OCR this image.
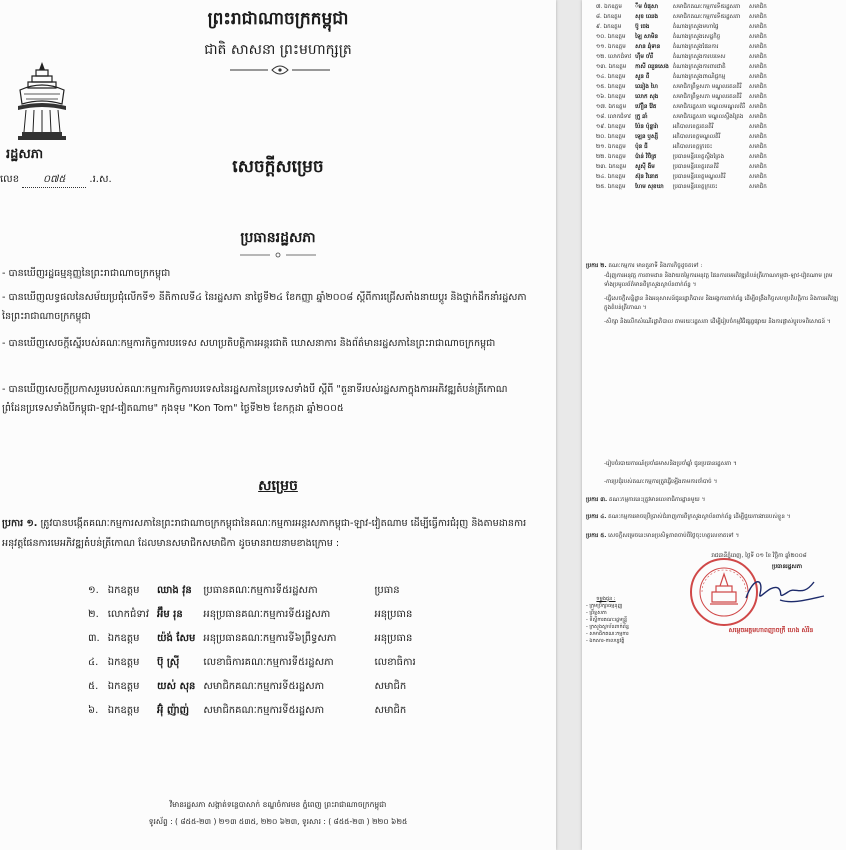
ព្រះរាជាណាចក្រកម្ពុជា
ជាតិ សាសនា ព្រះមហាក្សត្រ
រដ្ឋសភា
លេខ ០៧៥ .រ.ស.
សេចក្តីសម្រេច
ប្រធានរដ្ឋសភា
- បានឃើញរដ្ឋធម្មនុញ្ញនៃព្រះរាជាណាចក្រកម្ពុជា
- បានឃើញលទ្ធផលនៃសម័យប្រជុំលើកទី១ នីតិកាលទី៤ នៃរដ្ឋសភា នាថ្ងៃទី២៤ ខែកញ្ញា ឆ្នាំ២០០៨ ស្តីពីការជ្រើសតាំងនាយប្តូរ និងថ្នាក់ដឹកនាំរដ្ឋសភានៃព្រះរាជាណាចក្រកម្ពុជា
- បានឃើញសេចក្តីស្នើរបស់គណៈកម្មការកិច្ចការបរទេស សហប្រតិបត្តិការអន្តរជាតិ ឃោសនាការ និងព័ត៌មានរដ្ឋសភានៃព្រះរាជាណាចក្រកម្ពុជា
- បានឃើញសេចក្តីប្រកាសរួមរបស់គណៈកម្មការកិច្ចការបរទេសនៃរដ្ឋសភានៃប្រទេសទាំងបី ស្តីពី "តួនាទីរបស់រដ្ឋសភាក្នុងការអភិវឌ្ឍតំបន់ត្រីកោណព្រំដែនប្រទេសទាំងបីកម្ពុជា-ឡាវ-វៀតណាម" កុងទុម "Kon Tom" ថ្ងៃទី២២ ខែកក្កដា ឆ្នាំ២០០៥
សម្រេច
ប្រការ ១. ត្រូវបានបង្កើតគណៈកម្មការសភានៃព្រះរាជាណាចក្រកម្ពុជានៃគណៈកម្មការអន្តរសភាកម្ពុជា-ឡាវ-វៀតណាម ដើម្បីធ្វើការជំរុញ និងតាមដានការអនុវត្តផែនការមេអភិវឌ្ឍតំបន់ត្រីកោណ ដែលមានសមាជិកសមាជិកា ដូចមានរាយនាមខាងក្រោម :
១.	ឯកឧត្តម	ឈាង វុន	ប្រធានគណៈកម្មការទី៥រដ្ឋសភា	ប្រធាន
២.	លោកជំទាវ	អ៊ឹម រុន	អនុប្រធានគណៈកម្មការទី៥រដ្ឋសភា	អនុប្រធាន
៣.	ឯកឧត្តម	យ៉ង់ សែម	អនុប្រធានគណៈកម្មការទី៦ព្រឹទ្ធសភា	អនុប្រធាន
៤.	ឯកឧត្តម	ប៊ុ ស្រ៊ី	លេខាធិការគណៈកម្មការទី៥រដ្ឋសភា	លេខាធិការ
៥.	ឯកឧត្តម	យស់ សុន	សមាជិកគណៈកម្មការទី៥រដ្ឋសភា	សមាជិក
៦.	ឯកឧត្តម	អ៊ុំ ញ៉ាញ់	សមាជិកគណៈកម្មការទី៥រដ្ឋសភា	សមាជិក
វិមានរដ្ឋសភា សង្កាត់ទន្លេបាសាក់ ខណ្ឌចំការមន ភ្នំពេញ ព្រះរាជាណាចក្រកម្ពុជា
ទូរស័ព្ទ : ( ៨៥៥-២៣ ) ២១៣ ៥៣៥, ២២០ ៦២៣, ទូរសារ : ( ៨៥៥-២៣ ) ២២០ ៦២៥
៧. ឯកឧត្តម	ឹម ចំផុសា	សមាជិកគណៈកម្មការទី៥រដ្ឋសភា	សមាជិក
៨. ឯកឧត្តម	សុខ ឈេង	សមាជិកគណៈកម្មការទី៥រដ្ឋសភា	សមាជិក
៩. ឯកឧត្តម	ប៊ូ ចេង	តំណាងក្រសួងមហាផ្ទៃ	សមាជិក
១០. ឯកឧត្តម	ឡៃ សាមិន	តំណាងក្រសួងសេដ្ឋកិច្ច	សមាជិក
១១. ឯកឧត្តម	សាន ឆុំទាន	តំណាងក្រសួងផែនការ	សមាជិក
១២. លោកជំទាវ	ហ៊ឹម ចាំរី	តំណាងក្រសួងការបរទេស	សមាជិក
១៣. ឯកឧត្តម	កាសី ឈួនសេង	តំណាងក្រសួងការពារជាតិ	សមាជិក
១៤. ឯកឧត្តម	សួន ពី	តំណាងក្រសួងពាណិជ្ជកម្ម	សមាជិក
១៥. ឯកឧត្តម	ឈៀង ហៃ	សមាជិកព្រឹទ្ធសភា មណ្ឌលរតនគិរី	សមាជិក
១៦. ឯកឧត្តម	លោក សុង	សមាជិកព្រឹទ្ធសភា មណ្ឌលរតនគិរី	សមាជិក
១៧. ឯកឧត្តម	ហ៊ឿន វ៉ែត	សមាជិករដ្ឋសភា មណ្ឌលមណ្ឌលគិរី	សមាជិក
១៨. លោកជំទាវ	ក្រូ ឆាំ	សមាជិករដ្ឋសភា មណ្ឌលស្ទឹងត្រែង	សមាជិក
១៩. ឯកឧត្តម	ប៉ែន ប៉ុន្នារ៉ា	អភិបាលខេត្តរតនគិរី	សមាជិក
២០. ឯកឧត្តម	ឡេន ឫស្សី	អភិបាលខេត្តមណ្ឌលគិរី	សមាជិក
២១. ឯកឧត្តម	ប៉ុន ធី	អភិបាលខេត្តក្រចេះ	សមាជិក
២២. ឯកឧត្តម	ប៉ាន់ វិចិត្រ	ប្រធានមន្ទីរខេត្តស្ទឹងត្រែង	សមាជិក
២៣. ឯកឧត្តម	សួស៊ី ងីម	ប្រធានមន្ទីរខេត្តរតនគិរី	សមាជិក
២៤. ឯកឧត្តម	ស៊ុន វិនោត	ប្រធានមន្ទីរខេត្តមណ្ឌលគិរី	សមាជិក
២៥. ឯកឧត្តម	ហែម សុខឃា	ប្រធានមន្ទីរខេត្តក្រចេះ	សមាជិក
ប្រការ ២. គណៈកម្មការ មានតួនាទី និងភារកិច្ចដូចតទៅ :
-ជំរុញការអនុវត្ត ការតាមដាន និងវាយតម្លៃការអនុវត្ត ផែនការមេអភិវឌ្ឍតំបន់ត្រីកោណកម្ពុជា-ឡាវ-វៀតណាម ព្រមទាំងប្រមូលព័ត៌មានពីក្រសួងស្ថាប័នពាក់ព័ន្ធ ។
-ធ្វើសេចក្តីសន្និដ្ឋាន និងអនុសាសន៍ជូនរដ្ឋាភិបាល និងអង្គការពាក់ព័ន្ធ ដើម្បីពង្រឹងកិច្ចសហប្រតិបត្តិការ និងការអភិវឌ្ឍក្នុងតំបន់ត្រីកោណ ។
-សិក្សា និងលើកសំណើរដ្ឋាភិបាល តាមរយៈរដ្ឋសភា ដើម្បីរៀបចំកម្មវិធីផ្សព្វផ្សាយ និងការផ្លាស់ប្តូរបទពិសោធន៍ ។
-រៀបចំរបាយការណ៍ប្រចាំឆមាសនិងប្រចាំឆ្នាំ ជូនប្រធានរដ្ឋសភា ។
-ការប្រជុំរបស់គណៈកម្មការត្រូវធ្វើឡើងតាមការចាំបាច់ ។
ប្រការ ៣. គណៈកម្មការនេះត្រូវមានលេខាធិការដ្ឋានមួយ ។
ប្រការ ៤. គណៈកម្មការអាចប្រើប្រាស់ជំនាញការពីក្រសួងស្ថាប័នពាក់ព័ន្ធ ដើម្បីជួយការងាររបស់ខ្លួន ។
ប្រការ ៥. សេចក្តីសម្រេចនេះមានប្រសិទ្ធភាពចាប់ពីថ្ងៃចុះហត្ថលេខាតទៅ ។
រាជធានីភ្នំពេញ, ថ្ងៃទី ០១ ខែ វិច្ឆិកា ឆ្នាំ២០០៨
ប្រធានរដ្ឋសភា
សម្តេចអគ្គមហាពញាចក្រី ហេង សំរិន
ចម្លងជូន :
- ក្រុមប្រឹក្សាធម្មនុញ្ញ
- ព្រឹទ្ធសភា
- ទីស្តីការគណៈរដ្ឋមន្ត្រី
- ក្រសួងស្ថាប័នពាក់ព័ន្ធ
- សមាជិកគណៈកម្មការ
- ឯកសារ-កាលប្បវត្តិ
